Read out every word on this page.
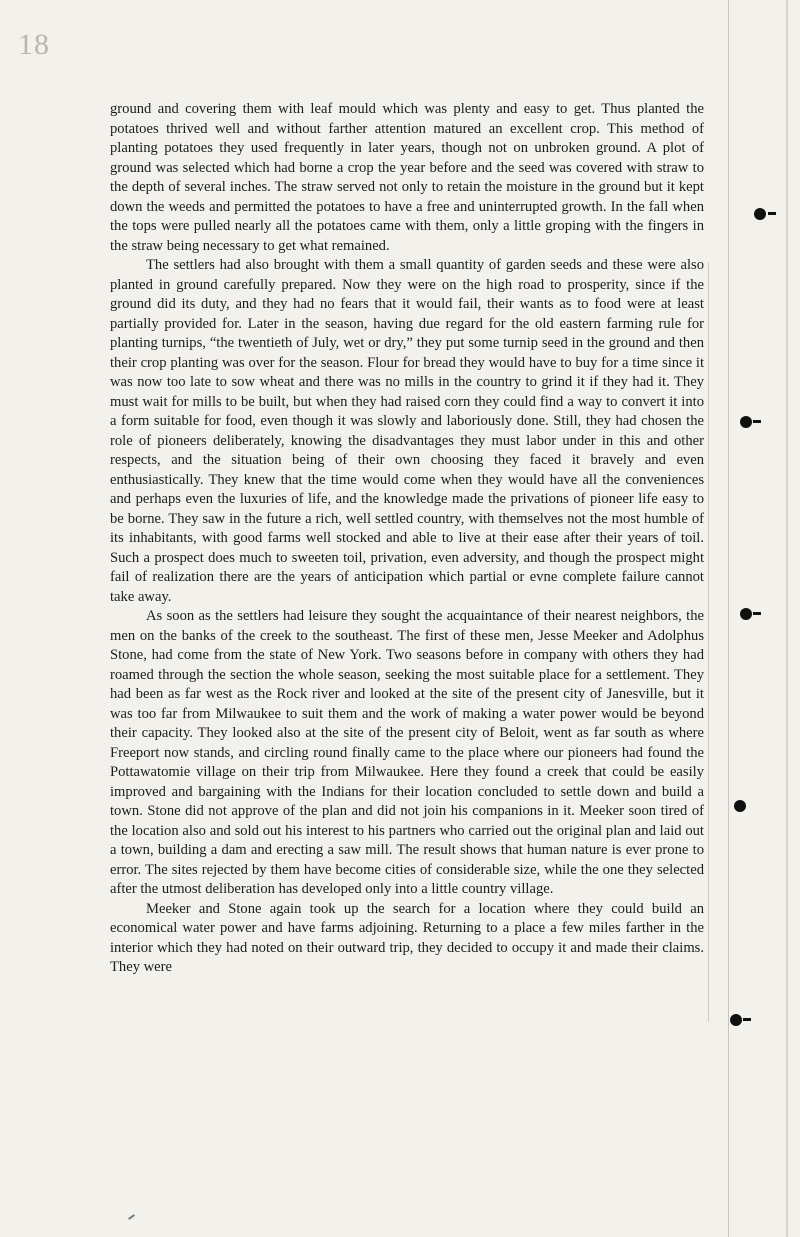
18

ground and covering them with leaf mould which was plenty and easy to get. Thus planted the potatoes thrived well and without farther attention matured an excellent crop. This method of planting potatoes they used frequently in later years, though not on unbroken ground. A plot of ground was selected which had borne a crop the year before and the seed was covered with straw to the depth of several inches. The straw served not only to retain the moisture in the ground but it kept down the weeds and permitted the potatoes to have a free and uninterrupted growth. In the fall when the tops were pulled nearly all the potatoes came with them, only a little groping with the fingers in the straw being necessary to get what remained.

The settlers had also brought with them a small quantity of garden seeds and these were also planted in ground carefully prepared. Now they were on the high road to prosperity, since if the ground did its duty, and they had no fears that it would fail, their wants as to food were at least partially provided for. Later in the season, having due regard for the old eastern farming rule for planting turnips, “the twentieth of July, wet or dry,” they put some turnip seed in the ground and then their crop planting was over for the season. Flour for bread they would have to buy for a time since it was now too late to sow wheat and there was no mills in the country to grind it if they had it. They must wait for mills to be built, but when they had raised corn they could find a way to convert it into a form suitable for food, even though it was slowly and laboriously done. Still, they had chosen the role of pioneers deliberately, knowing the disadvantages they must labor under in this and other respects, and the situation being of their own choosing they faced it bravely and even enthusiastically. They knew that the time would come when they would have all the conveniences and perhaps even the luxuries of life, and the knowledge made the privations of pioneer life easy to be borne. They saw in the future a rich, well settled country, with themselves not the most humble of its inhabitants, with good farms well stocked and able to live at their ease after their years of toil. Such a prospect does much to sweeten toil, privation, even adversity, and though the prospect might fail of realization there are the years of anticipation which partial or evne complete failure cannot take away.

As soon as the settlers had leisure they sought the acquaintance of their nearest neighbors, the men on the banks of the creek to the southeast. The first of these men, Jesse Meeker and Adolphus Stone, had come from the state of New York. Two seasons before in company with others they had roamed through the section the whole season, seeking the most suitable place for a settlement. They had been as far west as the Rock river and looked at the site of the present city of Janesville, but it was too far from Milwaukee to suit them and the work of making a water power would be beyond their capacity. They looked also at the site of the present city of Beloit, went as far south as where Freeport now stands, and circling round finally came to the place where our pioneers had found the Pottawatomie village on their trip from Milwaukee. Here they found a creek that could be easily improved and bargaining with the Indians for their location concluded to settle down and build a town. Stone did not approve of the plan and did not join his companions in it. Meeker soon tired of the location also and sold out his interest to his partners who carried out the original plan and laid out a town, building a dam and erecting a saw mill. The result shows that human nature is ever prone to error. The sites rejected by them have become cities of considerable size, while the one they selected after the utmost deliberation has developed only into a little country village.

Meeker and Stone again took up the search for a location where they could build an economical water power and have farms adjoining. Returning to a place a few miles farther in the interior which they had noted on their outward trip, they decided to occupy it and made their claims. They were
